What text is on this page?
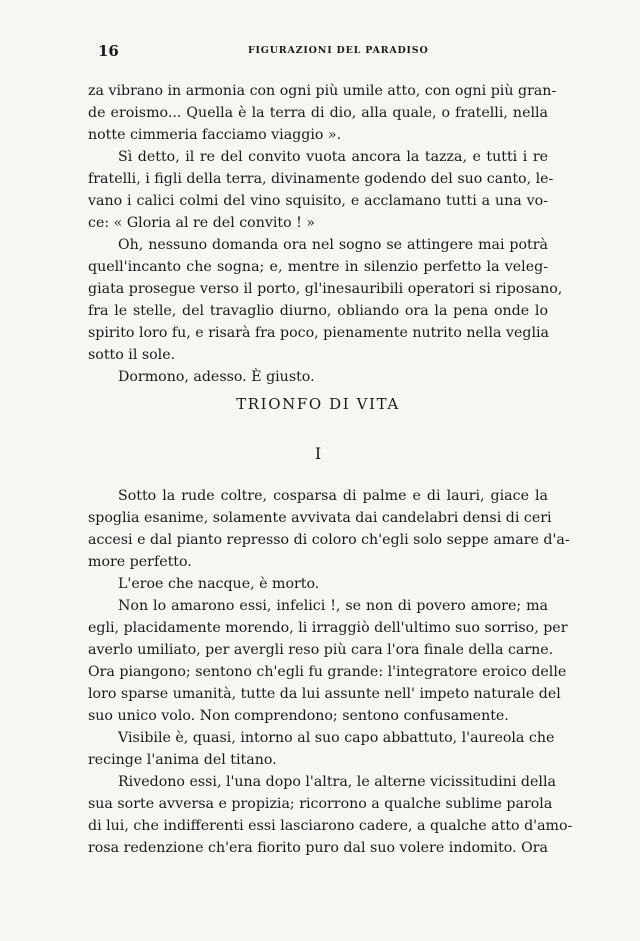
16	FIGURAZIONI DEL PARADISO
za vibrano in armonia con ogni più umile atto, con ogni più gran-
de eroismo... Quella è la terra di dio, alla quale, o fratelli, nella
notte cimmeria facciamo viaggio ».
Sì detto, il re del convito vuota ancora la tazza, e tutti i re
fratelli, i figli della terra, divinamente godendo del suo canto, le-
vano i calici colmi del vino squisito, e acclamano tutti a una vo-
ce: « Gloria al re del convito ! »
Oh, nessuno domanda ora nel sogno se attingere mai potrà
quell'incanto che sogna; e, mentre in silenzio perfetto la veleg-
giata prosegue verso il porto, gl'inesauribili operatori si riposano,
fra le stelle, del travaglio diurno, obliando ora la pena onde lo
spirito loro fu, e risarà fra poco, pienamente nutrito nella veglia
sotto il sole.
Dormono, adesso. È giusto.
TRIONFO DI VITA
I
Sotto la rude coltre, cosparsa di palme e di lauri, giace la
spoglia esanime, solamente avvivata dai candelabri densi di ceri
accesi e dal pianto represso di coloro ch'egli solo seppe amare d'a-
more perfetto.
L'eroe che nacque, è morto.
Non lo amarono essi, infelici !, se non di povero amore; ma
egli, placidamente morendo, li irraggiò dell'ultimo suo sorriso, per
averlo umiliato, per avergli reso più cara l'ora finale della carne.
Ora piangono; sentono ch'egli fu grande: l'integratore eroico delle
loro sparse umanità, tutte da lui assunte nell' impeto naturale del
suo unico volo. Non comprendono; sentono confusamente.
Visibile è, quasi, intorno al suo capo abbattuto, l'aureola che
recinge l'anima del titano.
Rivedono essi, l'una dopo l'altra, le alterne vicissitudini della
sua sorte avversa e propizia; ricorrono a qualche sublime parola
di lui, che indifferenti essi lasciarono cadere, a qualche atto d'amo-
rosa redenzione ch'era fiorito puro dal suo volere indomito. Ora
